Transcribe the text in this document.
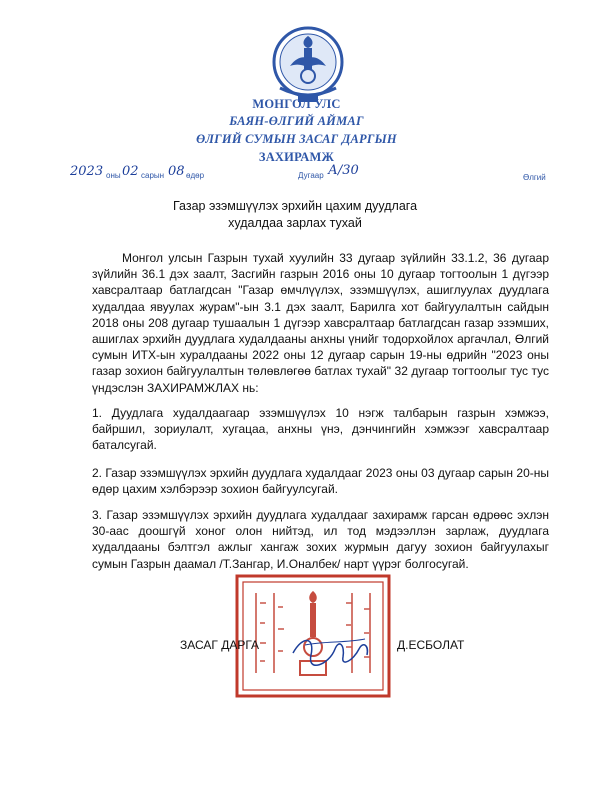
МОНГОЛ УЛС
БАЯН-ӨЛГИЙ АЙМАГ
ӨЛГИЙ СУМЫН ЗАСАГ ДАРГЫН
ЗАХИРАМЖ
2023 оны 02 сарын 08 өдөр	Дугаар А/30	Өлгий
Газар эзэмшүүлэх эрхийн цахим дуудлага
худалдаа зарлах тухай
Монгол улсын Газрын тухай хуулийн 33 дугаар зүйлийн 33.1.2, 36 дугаар зүйлийн 36.1 дэх заалт, Засгийн газрын 2016 оны 10 дугаар тогтоолын 1 дүгээр хавсралтаар батлагдсан "Газар өмчлүүлэх, эзэмшүүлэх, ашиглуулах дуудлага худалдаа явуулах журам"-ын 3.1 дэх заалт, Барилга хот байгуулалтын сайдын 2018 оны 208 дугаар тушаалын 1 дүгээр хавсралтаар батлагдсан газар эзэмших, ашиглах эрхийн дуудлага худалдааны анхны үнийг тодорхойлох аргачлал, Өлгий сумын ИТХ-ын хуралдааны 2022 оны 12 дугаар сарын 19-ны өдрийн "2023 оны газар зохион байгуулалтын төлөвлөгөө батлах тухай" 32 дугаар тогтоолыг тус тус үндэслэн ЗАХИРАМЖЛАХ нь:
1. Дуудлага худалдаагаар эзэмшүүлэх 10 нэгж талбарын газрын хэмжээ, байршил, зориулалт, хугацаа, анхны үнэ, дэнчингийн хэмжээг хавсралтаар баталсугай.
2. Газар эзэмшүүлэх эрхийн дуудлага худалдааг 2023 оны 03 дугаар сарын 20-ны өдөр цахим хэлбэрээр зохион байгуулсугай.
3. Газар эзэмшүүлэх эрхийн дуудлага худалдааг захирамж гарсан өдрөөс эхлэн 30-аас доошгүй хоног олон нийтэд, ил тод мэдээллэн зарлаж, дуудлага худалдааны бэлтгэл ажлыг хангаж зохих журмын дагуу зохион байгуулахыг сумын Газрын даамал /Т.Зангар, И.Оналбек/ нарт үүрэг болгосугай.
ЗАСАГ ДАРГА	Д.ЕСБОЛАТ
